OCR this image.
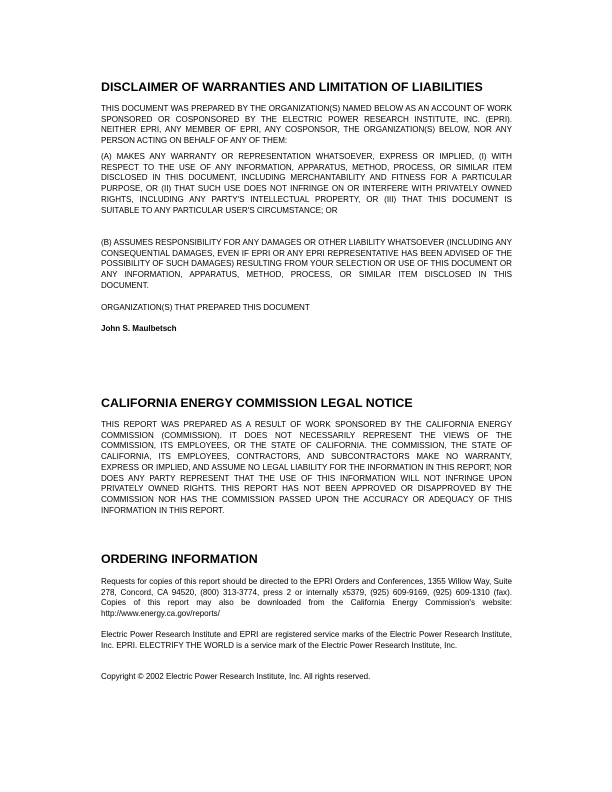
DISCLAIMER OF WARRANTIES AND LIMITATION OF LIABILITIES

THIS DOCUMENT WAS PREPARED BY THE ORGANIZATION(S) NAMED BELOW AS AN ACCOUNT OF WORK SPONSORED OR COSPONSORED BY THE ELECTRIC POWER RESEARCH INSTITUTE, INC. (EPRI). NEITHER EPRI, ANY MEMBER OF EPRI, ANY COSPONSOR, THE ORGANIZATION(S) BELOW, NOR ANY PERSON ACTING ON BEHALF OF ANY OF THEM:

(A) MAKES ANY WARRANTY OR REPRESENTATION WHATSOEVER, EXPRESS OR IMPLIED, (I) WITH RESPECT TO THE USE OF ANY INFORMATION, APPARATUS, METHOD, PROCESS, OR SIMILAR ITEM DISCLOSED IN THIS DOCUMENT, INCLUDING MERCHANTABILITY AND FITNESS FOR A PARTICULAR PURPOSE, OR (II) THAT SUCH USE DOES NOT INFRINGE ON OR INTERFERE WITH PRIVATELY OWNED RIGHTS, INCLUDING ANY PARTY'S INTELLECTUAL PROPERTY, OR (III) THAT THIS DOCUMENT IS SUITABLE TO ANY PARTICULAR USER'S CIRCUMSTANCE; OR

(B) ASSUMES RESPONSIBILITY FOR ANY DAMAGES OR OTHER LIABILITY WHATSOEVER (INCLUDING ANY CONSEQUENTIAL DAMAGES, EVEN IF EPRI OR ANY EPRI REPRESENTATIVE HAS BEEN ADVISED OF THE POSSIBILITY OF SUCH DAMAGES) RESULTING FROM YOUR SELECTION OR USE OF THIS DOCUMENT OR ANY INFORMATION, APPARATUS, METHOD, PROCESS, OR SIMILAR ITEM DISCLOSED IN THIS DOCUMENT.

ORGANIZATION(S) THAT PREPARED THIS DOCUMENT

John S. Maulbetsch

CALIFORNIA ENERGY COMMISSION LEGAL NOTICE

THIS REPORT WAS PREPARED AS A RESULT OF WORK SPONSORED BY THE CALIFORNIA ENERGY COMMISSION (COMMISSION). IT DOES NOT NECESSARILY REPRESENT THE VIEWS OF THE COMMISSION, ITS EMPLOYEES, OR THE STATE OF CALIFORNIA. THE COMMISSION, THE STATE OF CALIFORNIA, ITS EMPLOYEES, CONTRACTORS, AND SUBCONTRACTORS MAKE NO WARRANTY, EXPRESS OR IMPLIED, AND ASSUME NO LEGAL LIABILITY FOR THE INFORMATION IN THIS REPORT; NOR DOES ANY PARTY REPRESENT THAT THE USE OF THIS INFORMATION WILL NOT INFRINGE UPON PRIVATELY OWNED RIGHTS. THIS REPORT HAS NOT BEEN APPROVED OR DISAPPROVED BY THE COMMISSION NOR HAS THE COMMISSION PASSED UPON THE ACCURACY OR ADEQUACY OF THIS INFORMATION IN THIS REPORT.

ORDERING INFORMATION

Requests for copies of this report should be directed to the EPRI Orders and Conferences, 1355 Willow Way, Suite 278, Concord, CA 94520, (800) 313-3774, press 2 or internally x5379, (925) 609-9169, (925) 609-1310 (fax). Copies of this report may also be downloaded from the California Energy Commission's website: http://www.energy.ca.gov/reports/

Electric Power Research Institute and EPRI are registered service marks of the Electric Power Research Institute, Inc. EPRI. ELECTRIFY THE WORLD is a service mark of the Electric Power Research Institute, Inc.

Copyright © 2002 Electric Power Research Institute, Inc. All rights reserved.
